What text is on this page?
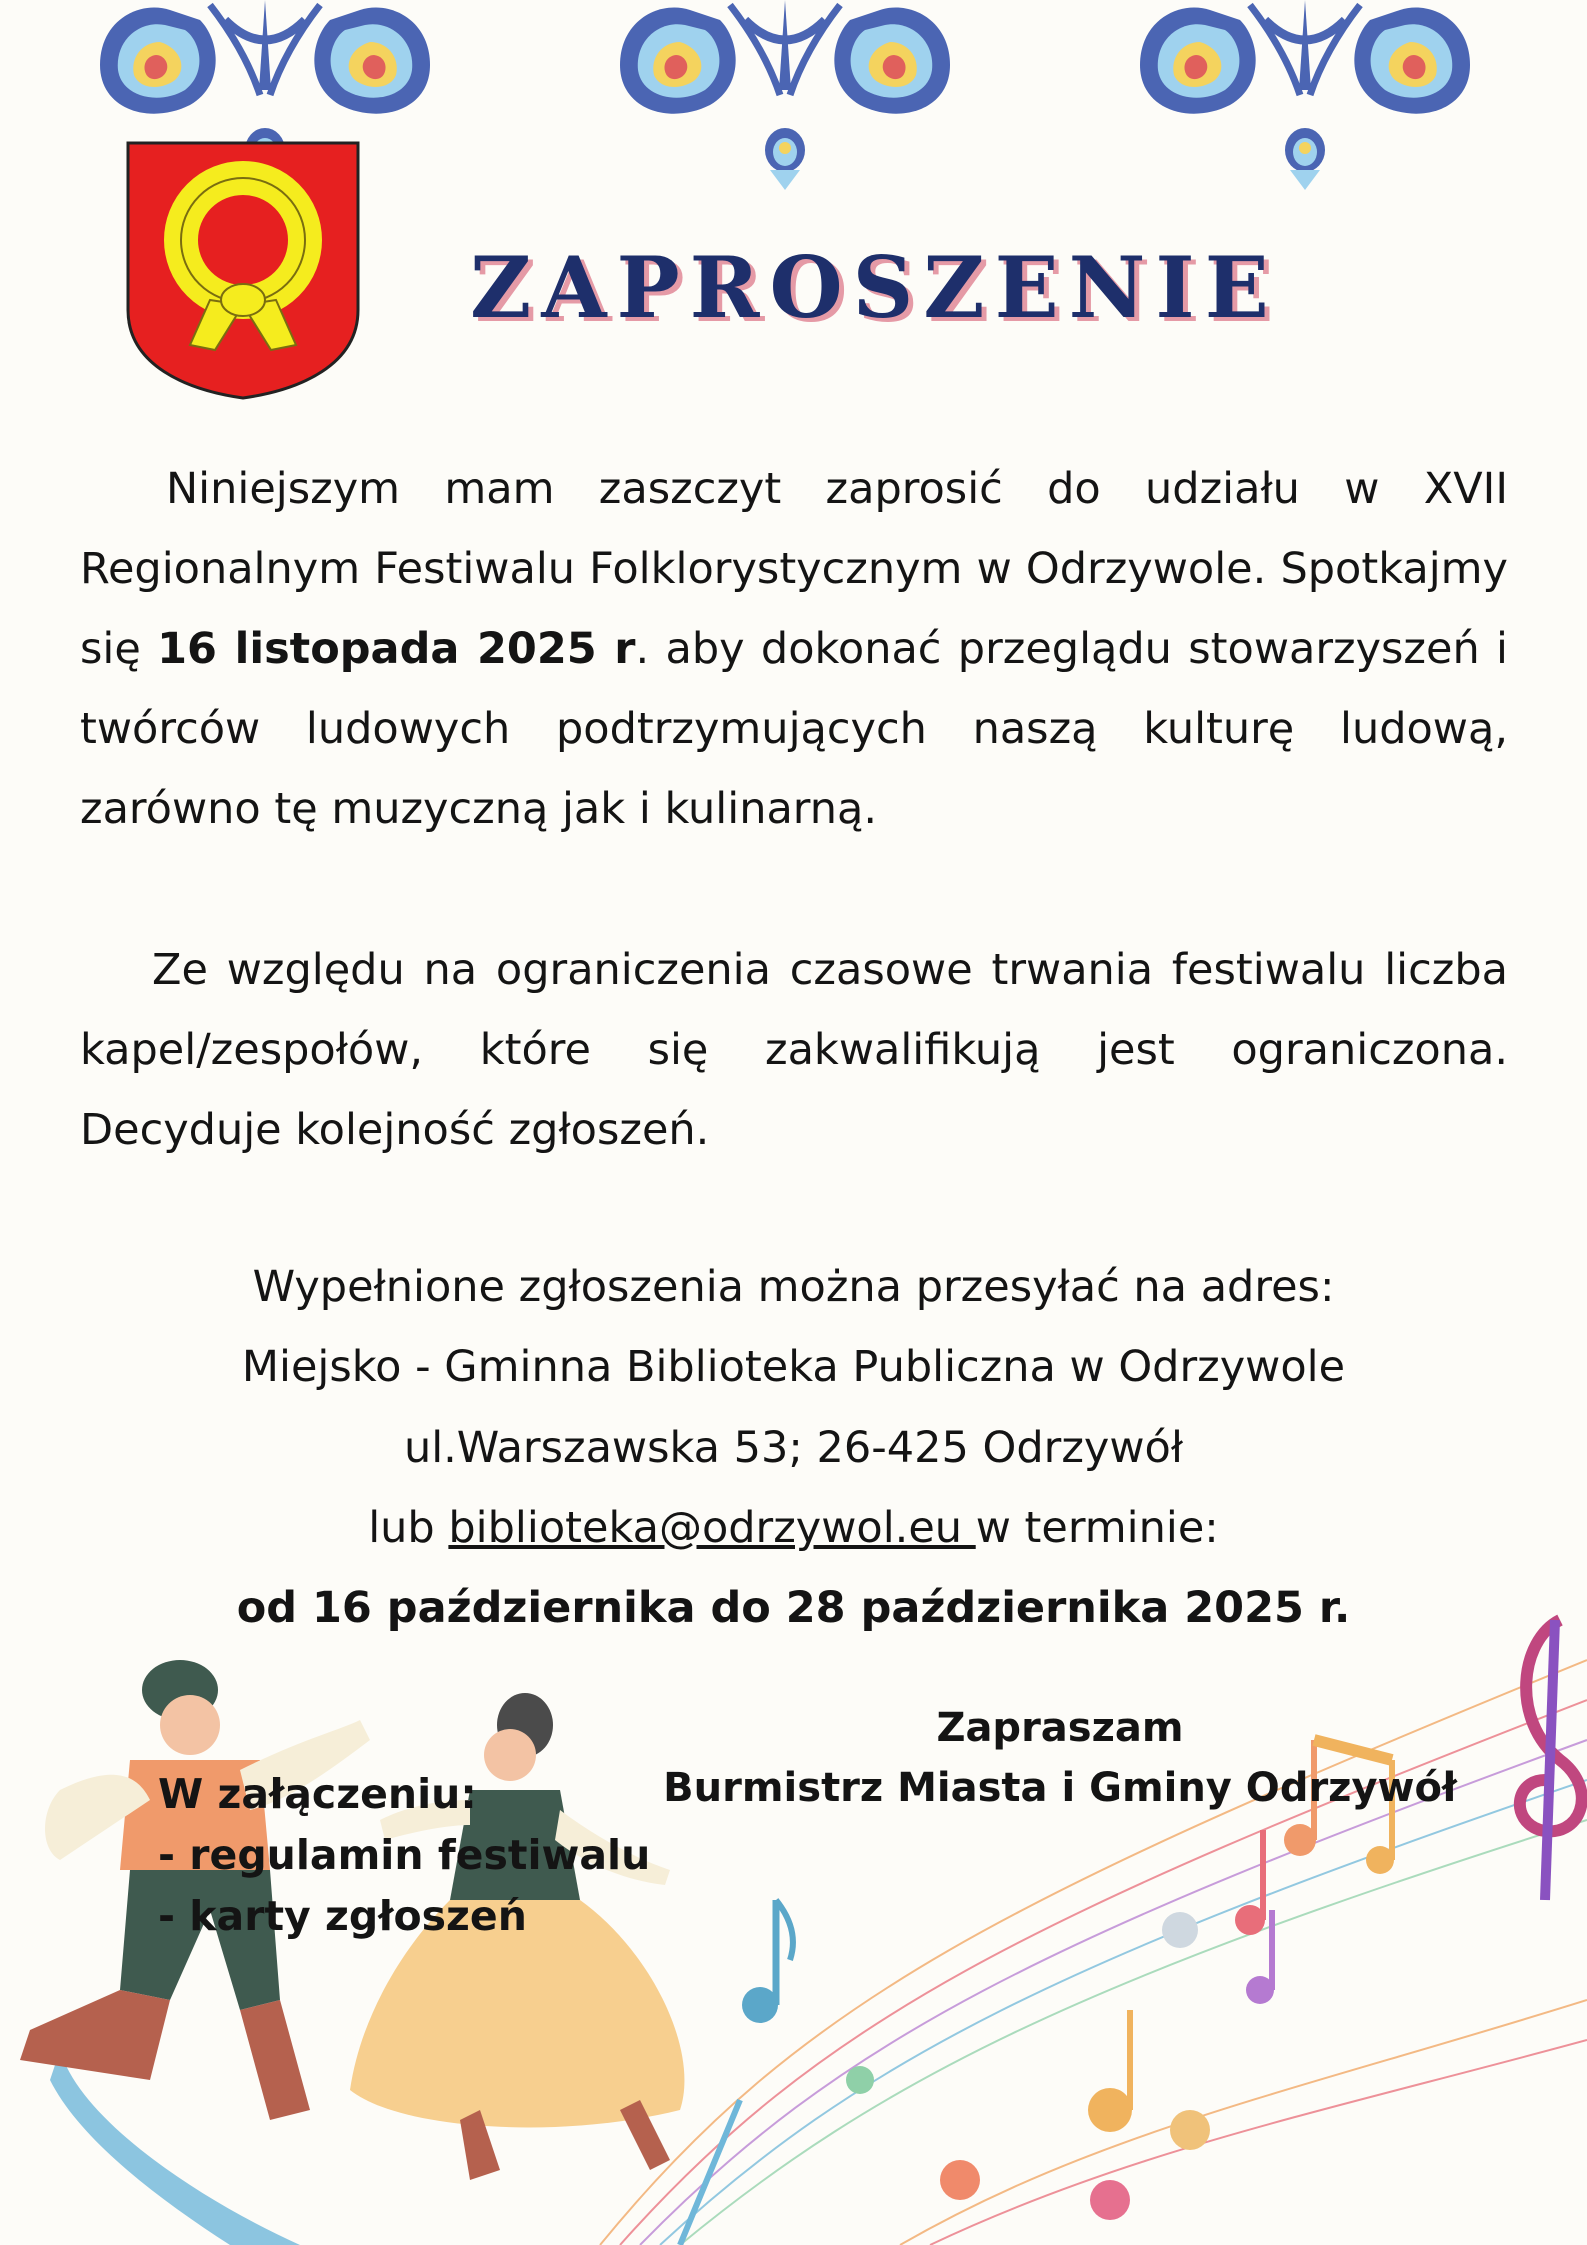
ZAPROSZENIE
Niniejszym mam zaszczyt zaprosić do udziału w XVII Regionalnym Festiwalu Folklorystycznym w Odrzywole. Spotkajmy się 16 listopada 2025 r. aby dokonać przeglądu stowarzyszeń i twórców ludowych podtrzymujących naszą kulturę ludową, zarówno tę muzyczną jak i kulinarną.
Ze względu na ograniczenia czasowe trwania festiwalu liczba kapel/zespołów, które się zakwalifikują jest ograniczona. Decyduje kolejność zgłoszeń.
Wypełnione zgłoszenia można przesyłać na adres:
Miejsko - Gminna Biblioteka Publiczna w Odrzywole
ul.Warszawska 53; 26-425 Odrzywół
lub biblioteka@odrzywol.eu w terminie:
od 16 października do 28 października 2025 r.
Zapraszam
Burmistrz Miasta i Gminy Odrzywół
W załączeniu:
- regulamin festiwalu
- karty zgłoszeń
